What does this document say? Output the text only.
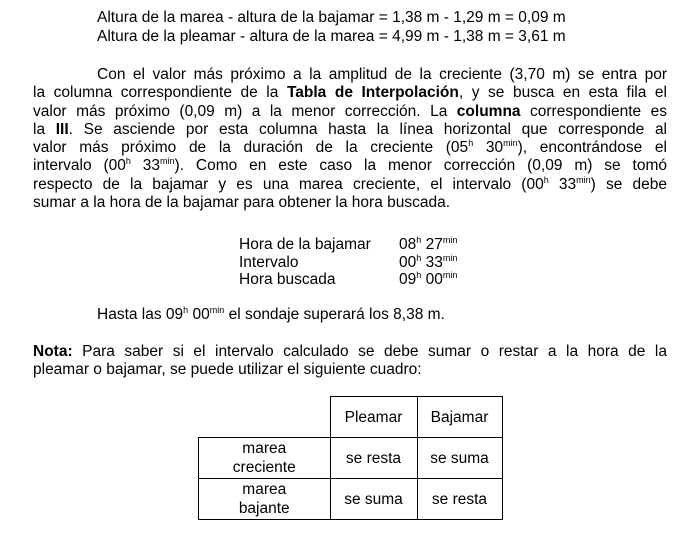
Altura de la marea - altura de la bajamar = 1,38 m - 1,29 m = 0,09 m
Altura de la pleamar - altura de la marea = 4,99 m - 1,38 m = 3,61 m
Con el valor más próximo a la amplitud de la creciente (3,70 m) se entra por
la columna correspondiente de la Tabla de Interpolación, y se busca en esta fila el
valor más próximo (0,09 m) a la menor corrección. La columna correspondiente es
la III. Se asciende por esta columna hasta la línea horizontal que corresponde al
valor más próximo de la duración de la creciente (05$^h$ $30^{min}$), encontrándose el
intervalo (00$^h$ $33^{min}$). Como en este caso la menor corrección (0,09 m) se tomó
respecto de la bajamar y es una marea creciente, el intervalo (00$^h$ $33^{min}$) se debe
sumar a la hora de la bajamar para obtener la hora buscada.
Hora de la bajamar	08$^h$ $27^{min}$
Intervalo	00$^h$ $33^{min}$
Hora buscada	09$^h$ $00^{min}$
Hasta las 09$^h$ $00^{min}$ el sondaje superará los 8,38 m.
Nota: Para saber si el intervalo calculado se debe sumar o restar a la hora de la
pleamar o bajamar, se puede utilizar el siguiente cuadro:
	Pleamar	Bajamar
marea
creciente	se resta	se suma
marea
bajante	se suma	se resta
